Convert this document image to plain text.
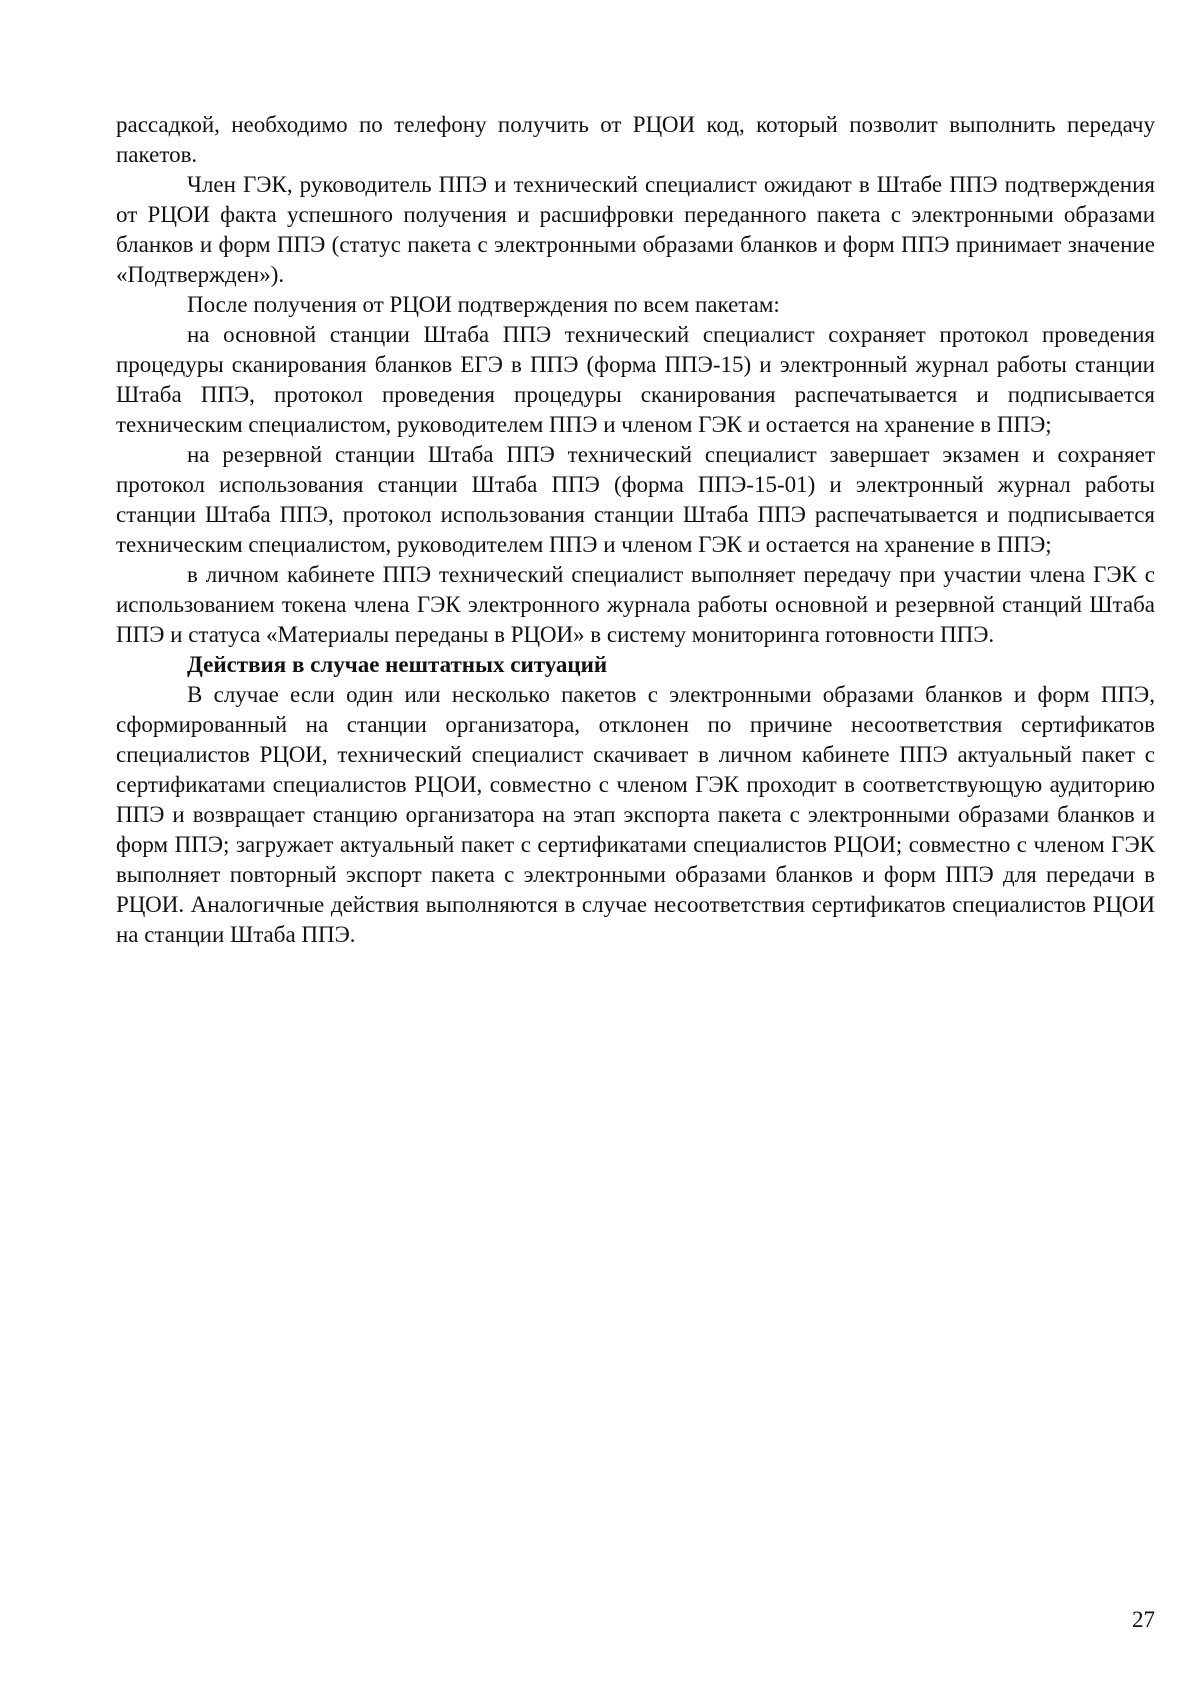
рассадкой, необходимо по телефону получить от РЦОИ код, который позволит выполнить передачу пакетов.

Член ГЭК, руководитель ППЭ и технический специалист ожидают в Штабе ППЭ подтверждения от РЦОИ факта успешного получения и расшифровки переданного пакета с электронными образами бланков и форм ППЭ (статус пакета с электронными образами бланков и форм ППЭ принимает значение «Подтвержден»).

После получения от РЦОИ подтверждения по всем пакетам:

на основной станции Штаба ППЭ технический специалист сохраняет протокол проведения процедуры сканирования бланков ЕГЭ в ППЭ (форма ППЭ-15) и электронный журнал работы станции Штаба ППЭ, протокол проведения процедуры сканирования распечатывается и подписывается техническим специалистом, руководителем ППЭ и членом ГЭК и остается на хранение в ППЭ;

на резервной станции Штаба ППЭ технический специалист завершает экзамен и сохраняет протокол использования станции Штаба ППЭ (форма ППЭ-15-01) и электронный журнал работы станции Штаба ППЭ, протокол использования станции Штаба ППЭ распечатывается и подписывается техническим специалистом, руководителем ППЭ и членом ГЭК и остается на хранение в ППЭ;

в личном кабинете ППЭ технический специалист выполняет передачу при участии члена ГЭК с использованием токена члена ГЭК электронного журнала работы основной и резервной станций Штаба ППЭ и статуса «Материалы переданы в РЦОИ» в систему мониторинга готовности ППЭ.

Действия в случае нештатных ситуаций

В случае если один или несколько пакетов с электронными образами бланков и форм ППЭ, сформированный на станции организатора, отклонен по причине несоответствия сертификатов специалистов РЦОИ, технический специалист скачивает в личном кабинете ППЭ актуальный пакет с сертификатами специалистов РЦОИ, совместно с членом ГЭК проходит в соответствующую аудиторию ППЭ и возвращает станцию организатора на этап экспорта пакета с электронными образами бланков и форм ППЭ; загружает актуальный пакет с сертификатами специалистов РЦОИ; совместно с членом ГЭК выполняет повторный экспорт пакета с электронными образами бланков и форм ППЭ для передачи в РЦОИ. Аналогичные действия выполняются в случае несоответствия сертификатов специалистов РЦОИ на станции Штаба ППЭ.

27
